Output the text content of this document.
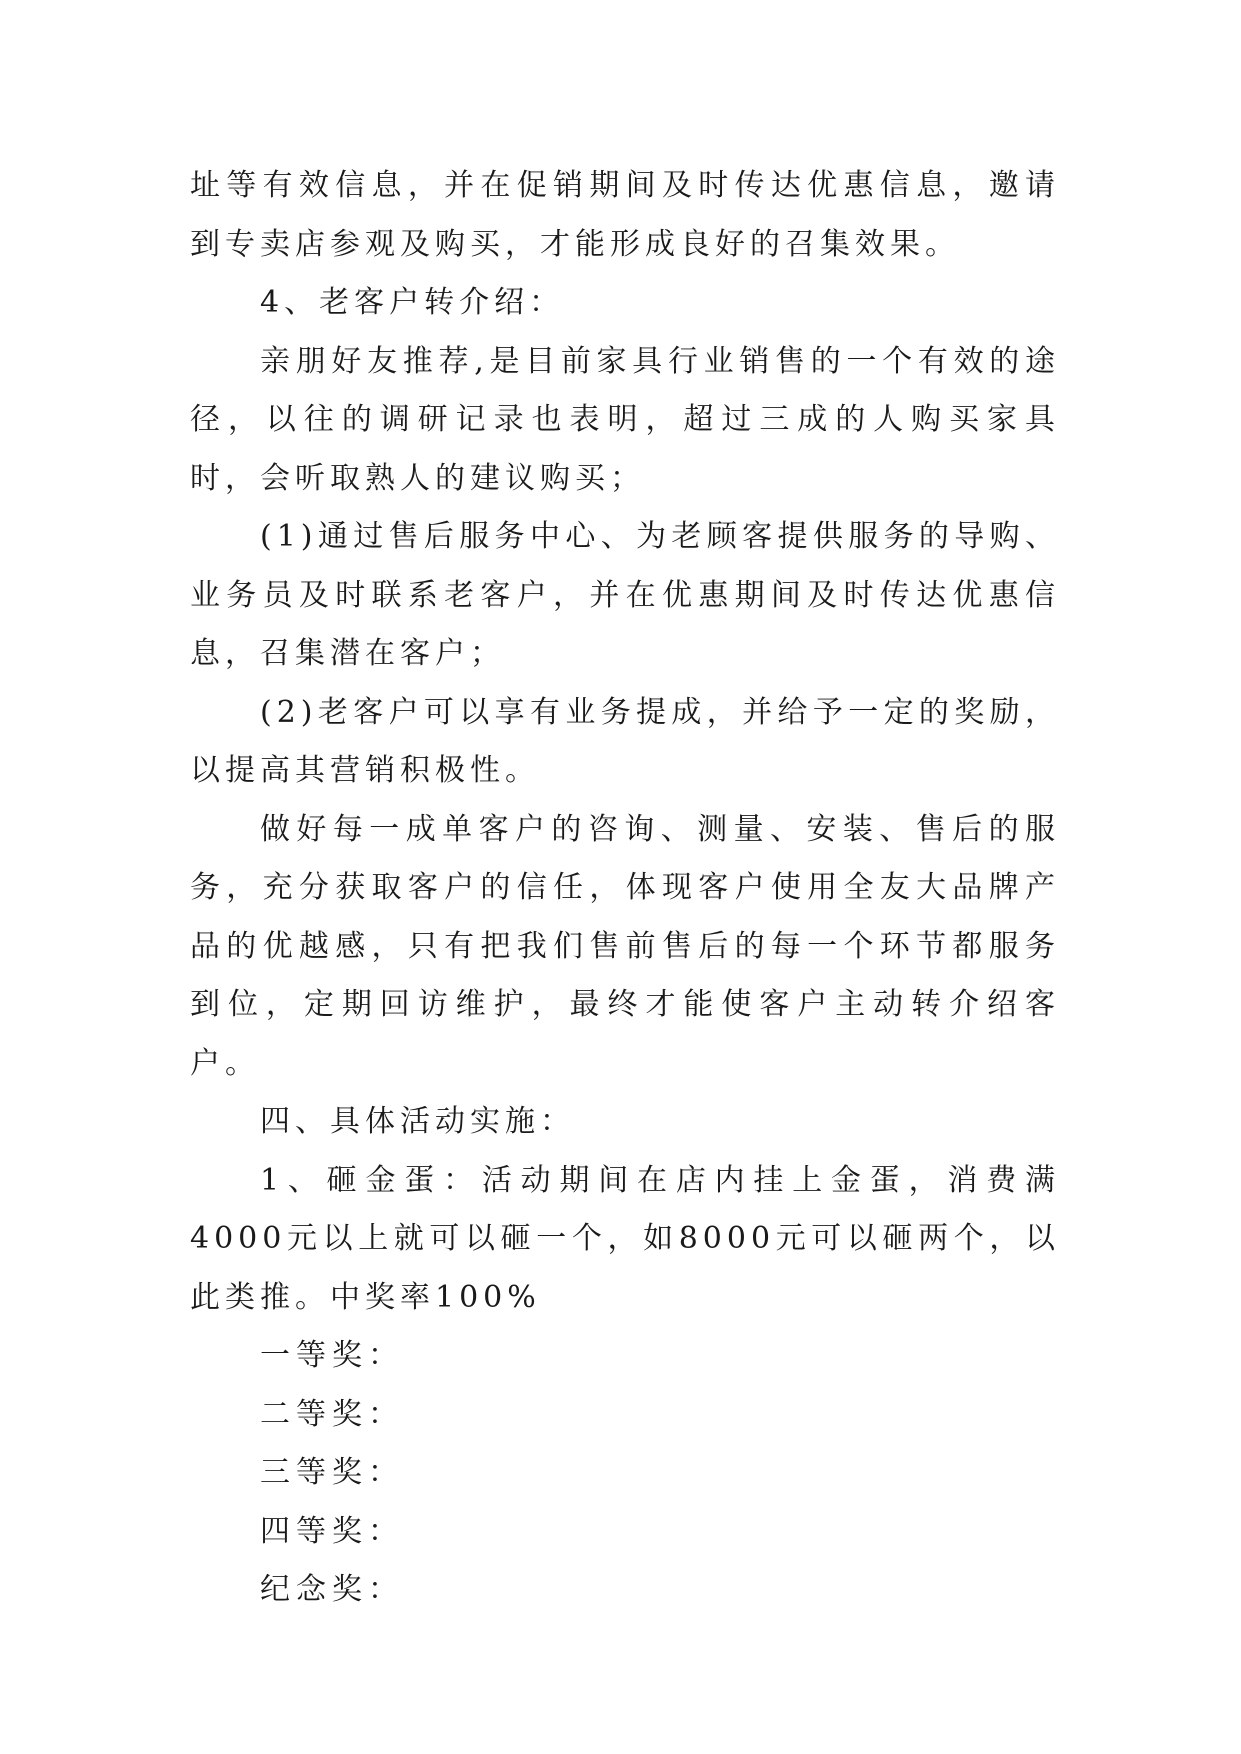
址等有效信息，并在促销期间及时传达优惠信息，邀请到专卖店参观及购买，才能形成良好的召集效果。

4、老客户转介绍：

亲朋好友推荐,是目前家具行业销售的一个有效的途径，以往的调研记录也表明，超过三成的人购买家具时，会听取熟人的建议购买；

(1)通过售后服务中心、为老顾客提供服务的导购、业务员及时联系老客户，并在优惠期间及时传达优惠信息，召集潜在客户；

(2)老客户可以享有业务提成，并给予一定的奖励，以提高其营销积极性。

做好每一成单客户的咨询、测量、安装、售后的服务，充分获取客户的信任，体现客户使用全友大品牌产品的优越感，只有把我们售前售后的每一个环节都服务到位，定期回访维护，最终才能使客户主动转介绍客户。

四、具体活动实施：

1、砸金蛋：活动期间在店内挂上金蛋，消费满4000元以上就可以砸一个，如8000元可以砸两个，以此类推。中奖率100%

一等奖：

二等奖：

三等奖：

四等奖：

纪念奖：
